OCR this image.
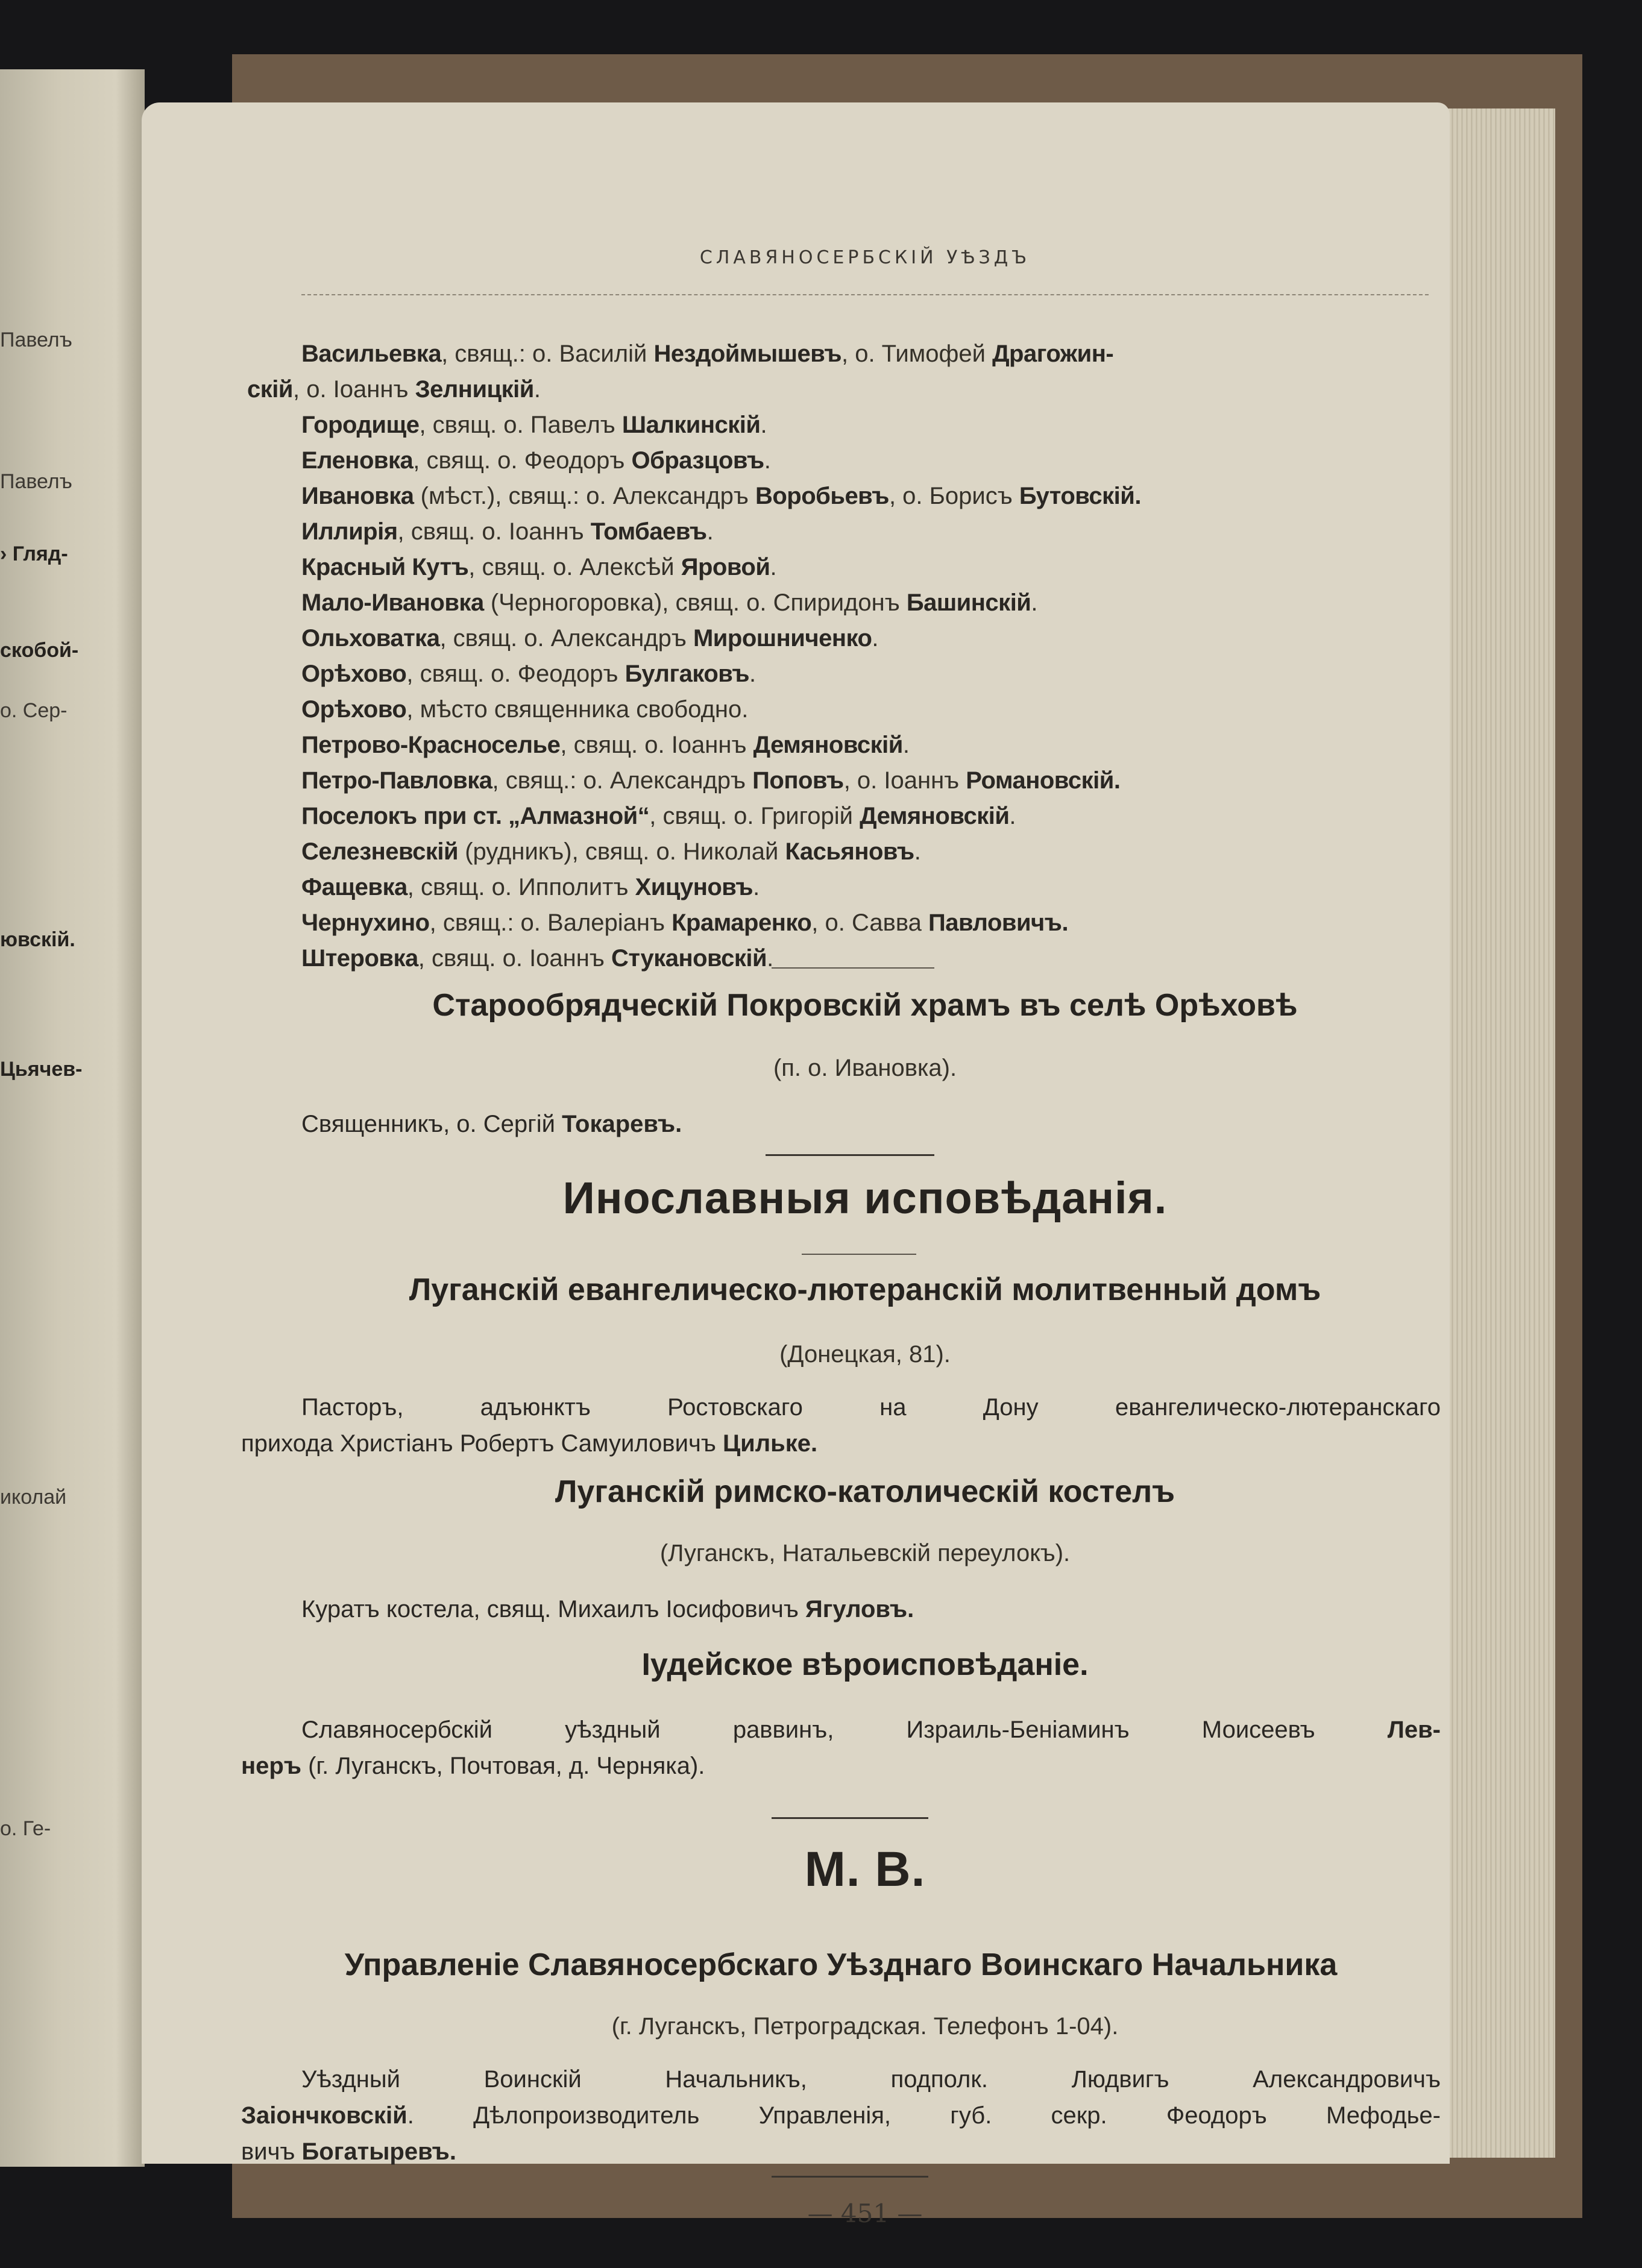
Павелъ
Павелъ
› Гляд-
скобой-
о. Сер-
ювскій.
Цьячев-
иколай
о. Ге-
СЛАВЯНОСЕРБСКІЙ УѢЗДЪ

Васильевка, свящ.: о. Василій Нездоймышевъ, о. Тимофей Драгожин-

скій, о. Іоаннъ Зелницкій.

Городище, свящ. о. Павелъ Шалкинскій.

Еленовка, свящ. о. Феодоръ Образцовъ.

Ивановка (мѣст.), свящ.: о. Александръ Воробьевъ, о. Борисъ Бутовскій.

Иллирія, свящ. о. Іоаннъ Томбаевъ.

Красный Кутъ, свящ. о. Алексѣй Яровой.

Мало-Ивановка (Черногоровка), свящ. о. Спиридонъ Башинскій.

Ольховатка, свящ. о. Александръ Мирошниченко.

Орѣхово, свящ. о. Феодоръ Булгаковъ.

Орѣхово, мѣсто священника свободно.

Петрово-Красноселье, свящ. о. Іоаннъ Демяновскій.

Петро-Павловка, свящ.: о. Александръ Поповъ, о. Іоаннъ Романовскій.

Поселокъ при ст. „Алмазной“, свящ. о. Григорій Демяновскій.

Селезневскій (рудникъ), свящ. о. Николай Касьяновъ.

Фащевка, свящ. о. Ипполитъ Хицуновъ.

Чернухино, свящ.: о. Валеріанъ Крамаренко, о. Савва Павловичъ.

Штеровка, свящ. о. Іоаннъ Стукановскій.

Старообрядческій Покровскій храмъ въ селѣ Орѣховѣ
(п. о. Ивановка).
Священникъ, о. Сергій Токаревъ.
Инославныя исповѣданія.
Луганскій евангелическо-лютеранскій молитвенный домъ
(Донецкая, 81).
Пасторъ, адъюнктъ Ростовскаго на Дону евангелическо-лютеранскаго
прихода Христіанъ Робертъ Самуиловичъ Цильке.
Луганскій римско-католическій костелъ
(Луганскъ, Натальевскій переулокъ).
Куратъ костела, свящ. Михаилъ Іосифовичъ Ягуловъ.
Іудейское вѣроисповѣданіе.
Славяносербскій уѣздный раввинъ, Израиль-Беніаминъ Моисеевъ Лев-
неръ (г. Луганскъ, Почтовая, д. Черняка).
М. В.
Управленіе Славяносербскаго Уѣзднаго Воинскаго Начальника
(г. Луганскъ, Петроградская. Телефонъ 1-04).
Уѣздный Воинскій Начальникъ, подполк. Людвигъ Александровичъ
Заіончковскій. Дѣлопроизводитель Управленія, губ. секр. Феодоръ Мефодье-
вичъ Богатыревъ.
— 451 —
